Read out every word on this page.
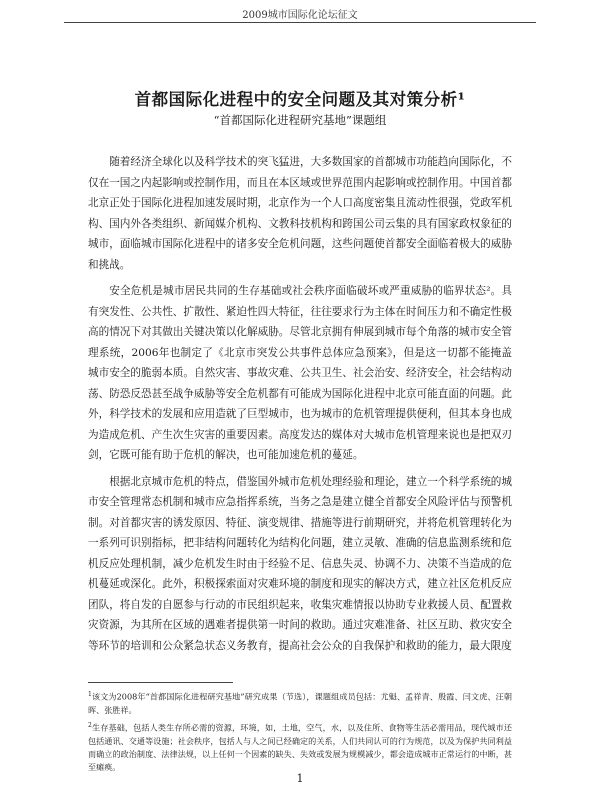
2009城市国际化论坛征文
首都国际化进程中的安全问题及其对策分析¹
“首都国际化进程研究基地”课题组

随着经济全球化以及科学技术的突飞猛进，大多数国家的首都城市功能趋向国际化，不仅在一国之内起影响或控制作用，而且在本区域或世界范围内起影响或控制作用。中国首都北京正处于国际化进程加速发展时期，北京作为一个人口高度密集且流动性很强，党政军机构、国内外各类组织、新闻媒介机构、文教科技机构和跨国公司云集的具有国家政权象征的城市，面临城市国际化进程中的诸多安全危机问题，这些问题使首都安全面临着极大的威胁和挑战。

安全危机是城市居民共同的生存基础或社会秩序面临破坏或严重威胁的临界状态²。具有突发性、公共性、扩散性、紧迫性四大特征，往往要求行为主体在时间压力和不确定性极高的情况下对其做出关键决策以化解威胁。尽管北京拥有伸展到城市每个角落的城市安全管理系统，2006年也制定了《北京市突发公共事件总体应急预案》，但是这一切都不能掩盖城市安全的脆弱本质。自然灾害、事故灾难、公共卫生、社会治安、经济安全，社会结构动荡、防恐反恐甚至战争威胁等安全危机都有可能成为国际化进程中北京可能直面的问题。此外，科学技术的发展和应用造就了巨型城市，也为城市的危机管理提供便利，但其本身也成为造成危机、产生次生灾害的重要因素。高度发达的媒体对大城市危机管理来说也是把双刃剑，它既可能有助于危机的解决，也可能加速危机的蔓延。

根据北京城市危机的特点，借鉴国外城市危机处理经验和理论，建立一个科学系统的城市安全管理常态机制和城市应急指挥系统，当务之急是建立健全首都安全风险评估与预警机制。对首都灾害的诱发原因、特征、演变规律、措施等进行前期研究，并将危机管理转化为一系列可识别指标，把非结构问题转化为结构化问题，建立灵敏、准确的信息监测系统和危机反应处理机制，减少危机发生时由于经验不足、信息失灵、协调不力、决策不当造成的危机蔓延或深化。此外，积极探索面对灾难环境的制度和现实的解决方式，建立社区危机反应团队，将自发的自愿参与行动的市民组织起来，收集灾难情报以协助专业救援人员、配置救灾资源，为其所在区域的遇难者提供第一时间的救助。通过灾难准备、社区互助、救灾安全等环节的培训和公众紧急状态义务教育，提高社会公众的自我保护和救助的能力，最大限度

$^1$该文为2008年“首都国际化进程研究基地”研究成果（节选），课题组成员包括：尤魁、孟祥青、殷霞、闫文虎、汪朝晖、张胜祥。

$^2$生存基础，包括人类生存所必需的资源，环境，如，土地，空气，水，以及住所、食物等生活必需用品，现代城市还包括通讯、交通等设施；社会秩序，包括人与人之间已经确定的关系，人们共同认可的行为规范，以及为保护共同利益而确立的政治制度、法律法规，以上任何一个因素的缺失、失效或发展为规模减少，都会造成城市正常运行的中断，甚至瘫痪。

1
